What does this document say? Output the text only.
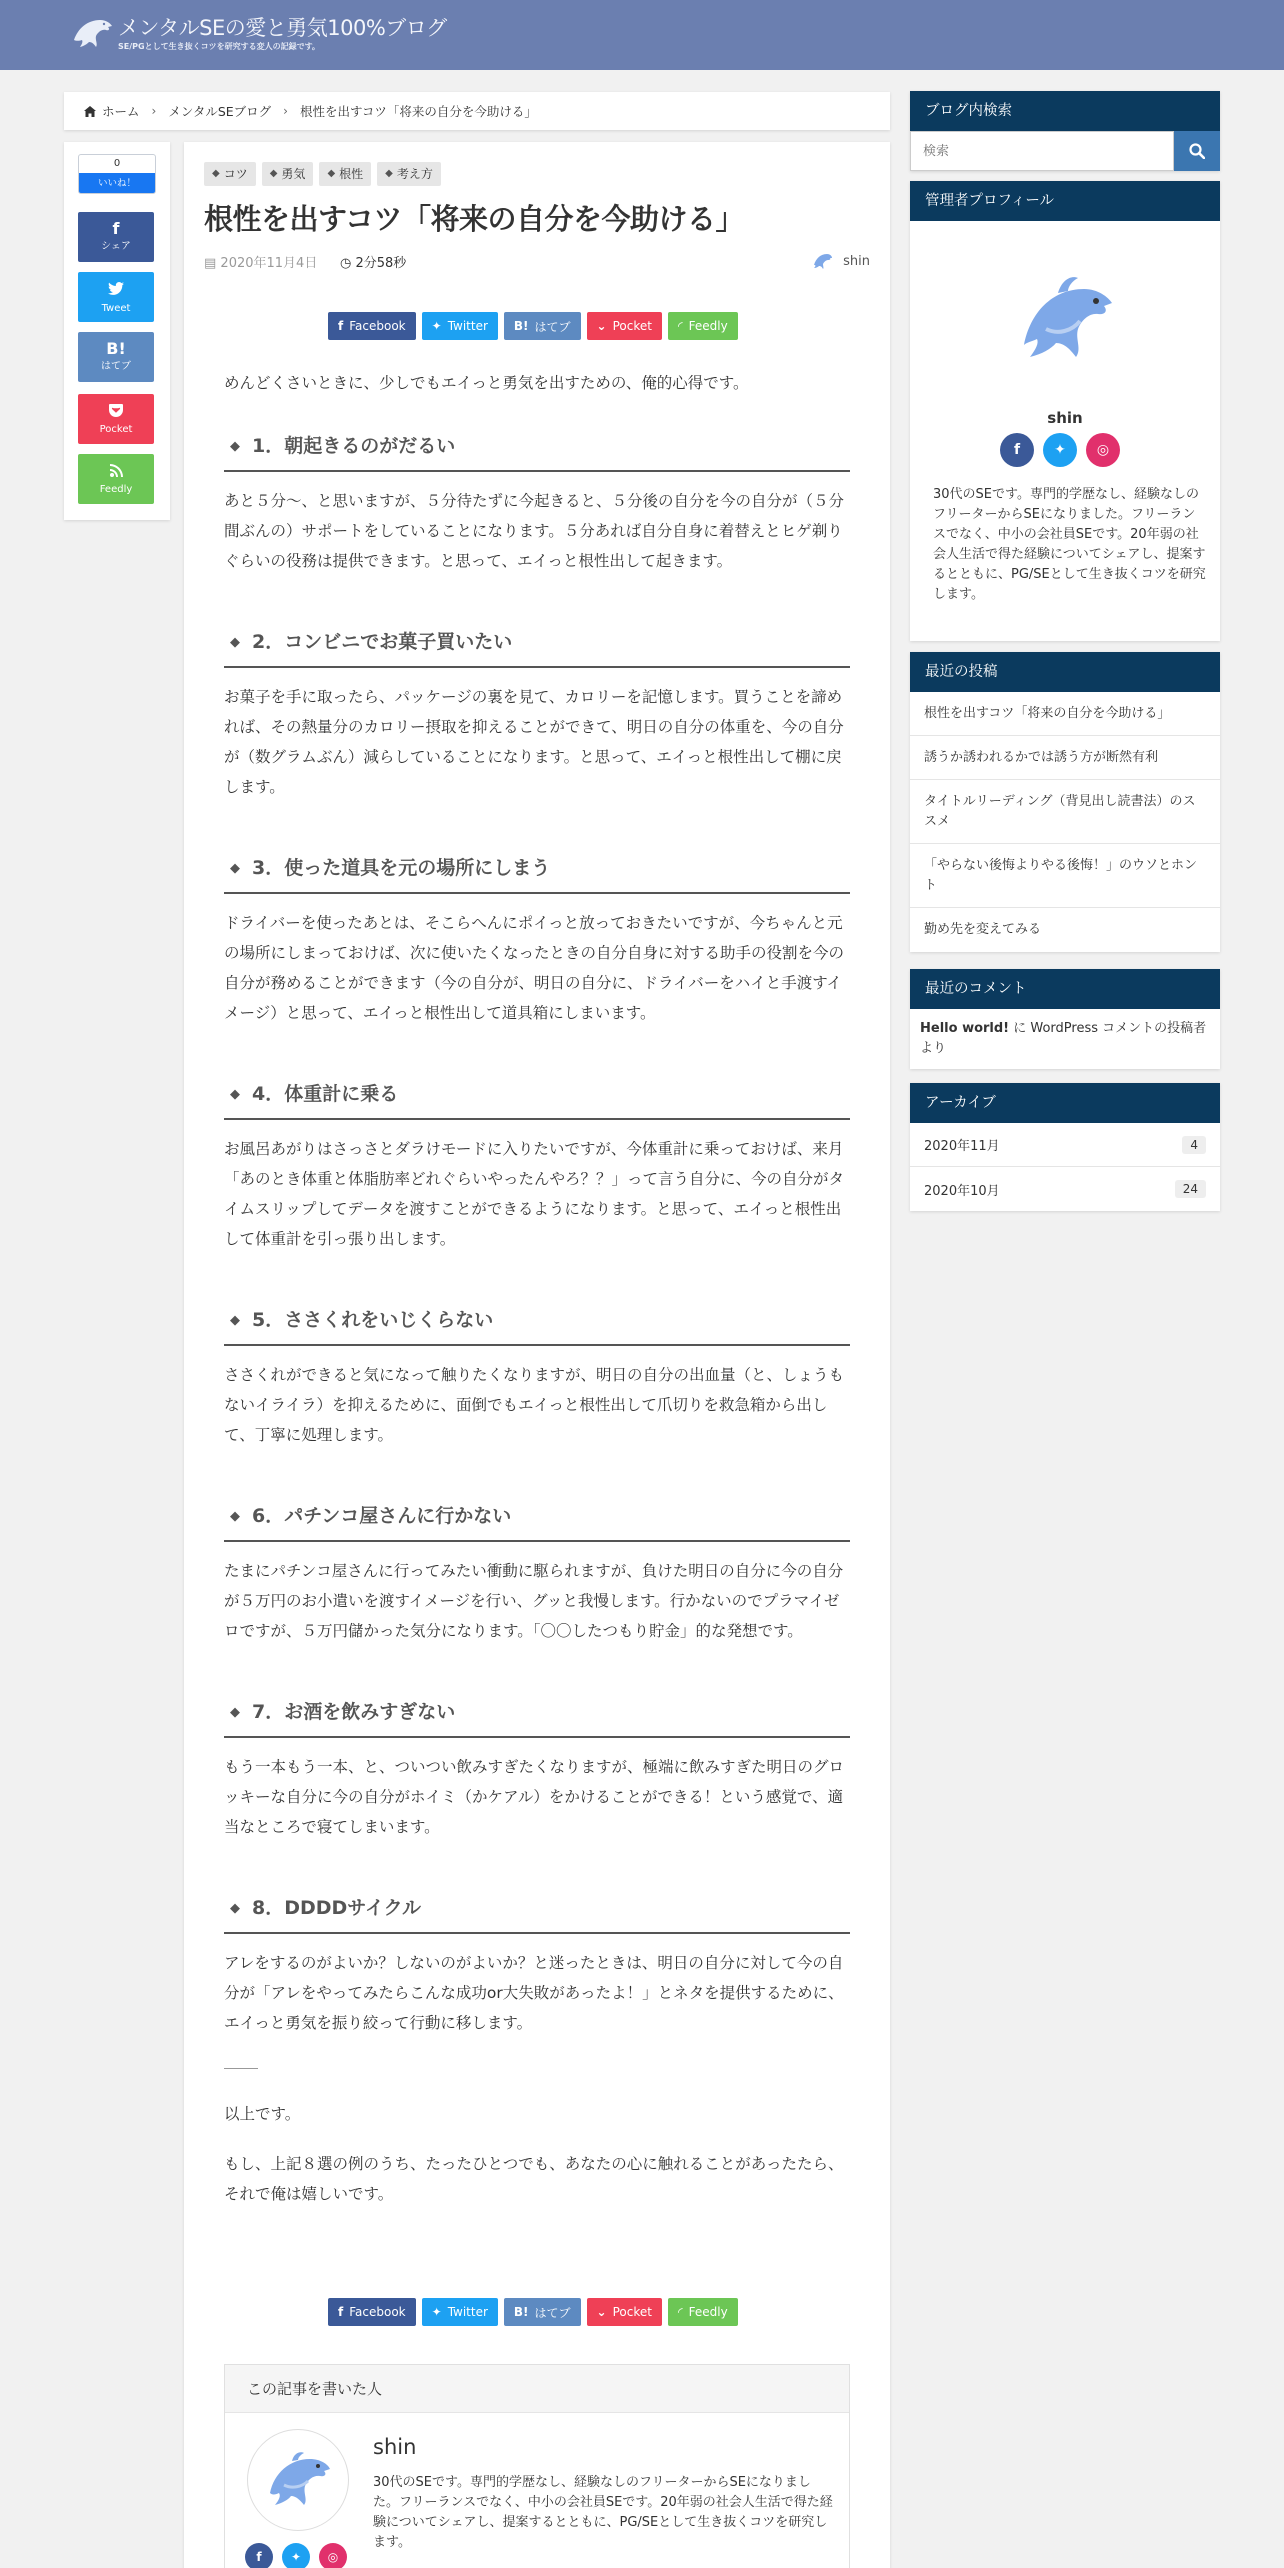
メンタルSEの愛と勇気100%ブログ
SE/PGとして生き抜くコツを研究する変人の記録です。
ホーム › メンタルSEブログ › 根性を出すコツ「将来の自分を今助ける」
0
いいね！
f
シェア
Tweet
B!
はてブ
Pocket
Feedly
◆ コツ ◆ 勇気 ◆ 根性 ◆ 考え方
根性を出すコツ「将来の自分を今助ける」
▤ 2020年11月4日 ◷ 2分58秒	shin
f Facebook ✦ Twitter B! はてブ ⌄ Pocket ◜ Feedly

めんどくさいときに、少しでもエイっと勇気を出すための、俺的心得です。

◆ 1．朝起きるのがだるい

あと５分〜、と思いますが、５分待たずに今起きると、５分後の自分を今の自分が（５分間ぶんの）サポートをしていることになります。５分あれば自分自身に着替えとヒゲ剃りぐらいの役務は提供できます。と思って、エイっと根性出して起きます。

◆ 2．コンビニでお菓子買いたい

お菓子を手に取ったら、パッケージの裏を見て、カロリーを記憶します。買うことを諦めれば、その熱量分のカロリー摂取を抑えることができて、明日の自分の体重を、今の自分が（数グラムぶん）減らしていることになります。と思って、エイっと根性出して棚に戻します。

◆ 3．使った道具を元の場所にしまう

ドライバーを使ったあとは、そこらへんにポイっと放っておきたいですが、今ちゃんと元の場所にしまっておけば、次に使いたくなったときの自分自身に対する助手の役割を今の自分が務めることができます（今の自分が、明日の自分に、ドライバーをハイと手渡すイメージ）と思って、エイっと根性出して道具箱にしまいます。

◆ 4．体重計に乗る

お風呂あがりはさっさとダラけモードに入りたいですが、今体重計に乗っておけば、来月「あのとき体重と体脂肪率どれぐらいやったんやろ？？」って言う自分に、今の自分がタイムスリップしてデータを渡すことができるようになります。と思って、エイっと根性出して体重計を引っ張り出します。

◆ 5．ささくれをいじくらない

ささくれができると気になって触りたくなりますが、明日の自分の出血量（と、しょうもないイライラ）を抑えるために、面倒でもエイっと根性出して爪切りを救急箱から出して、丁寧に処理します。

◆ 6．パチンコ屋さんに行かない

たまにパチンコ屋さんに行ってみたい衝動に駆られますが、負けた明日の自分に今の自分が５万円のお小遣いを渡すイメージを行い、グッと我慢します。行かないのでプラマイゼロですが、５万円儲かった気分になります。「〇〇したつもり貯金」的な発想です。

◆ 7．お酒を飲みすぎない

もう一本もう一本、と、ついつい飲みすぎたくなりますが、極端に飲みすぎた明日のグロッキーな自分に今の自分がホイミ（かケアル）をかけることができる！という感覚で、適当なところで寝てしまいます。

◆ 8．DDDDサイクル

アレをするのがよいか？しないのがよいか？と迷ったときは、明日の自分に対して今の自分が「アレをやってみたらこんな成功or大失敗があったよ！」とネタを提供するために、エイっと勇気を振り絞って行動に移します。

以上です。

もし、上記８選の例のうち、たったひとつでも、あなたの心に触れることがあったたら、それで俺は嬉しいです。

f Facebook ✦ Twitter B! はてブ ⌄ Pocket ◜ Feedly
この記事を書いた人
shin
30代のSEです。専門的学歴なし、経験なしのフリーターからSEになりました。フリーランスでなく、中小の会社員SEです。20年弱の社会人生活で得た経験についてシェアし、提案するとともに、PG/SEとして生き抜くコツを研究します。
f	✦	◎
ブログ内検索
検索
管理者プロフィール
shin
f	✦	◎
30代のSEです。専門的学歴なし、経験なしのフリーターからSEになりました。フリーランスでなく、中小の会社員SEです。20年弱の社会人生活で得た経験についてシェアし、提案するとともに、PG/SEとして生き抜くコツを研究します。
最近の投稿
根性を出すコツ「将来の自分を今助ける」
誘うか誘われるかでは誘う方が断然有利
タイトルリーディング（背見出し読書法）のススメ
「やらない後悔よりやる後悔！」のウソとホント
勤め先を変えてみる
最近のコメント
Hello world! に WordPress コメントの投稿者 より
アーカイブ
2020年11月	4
2020年10月	24
